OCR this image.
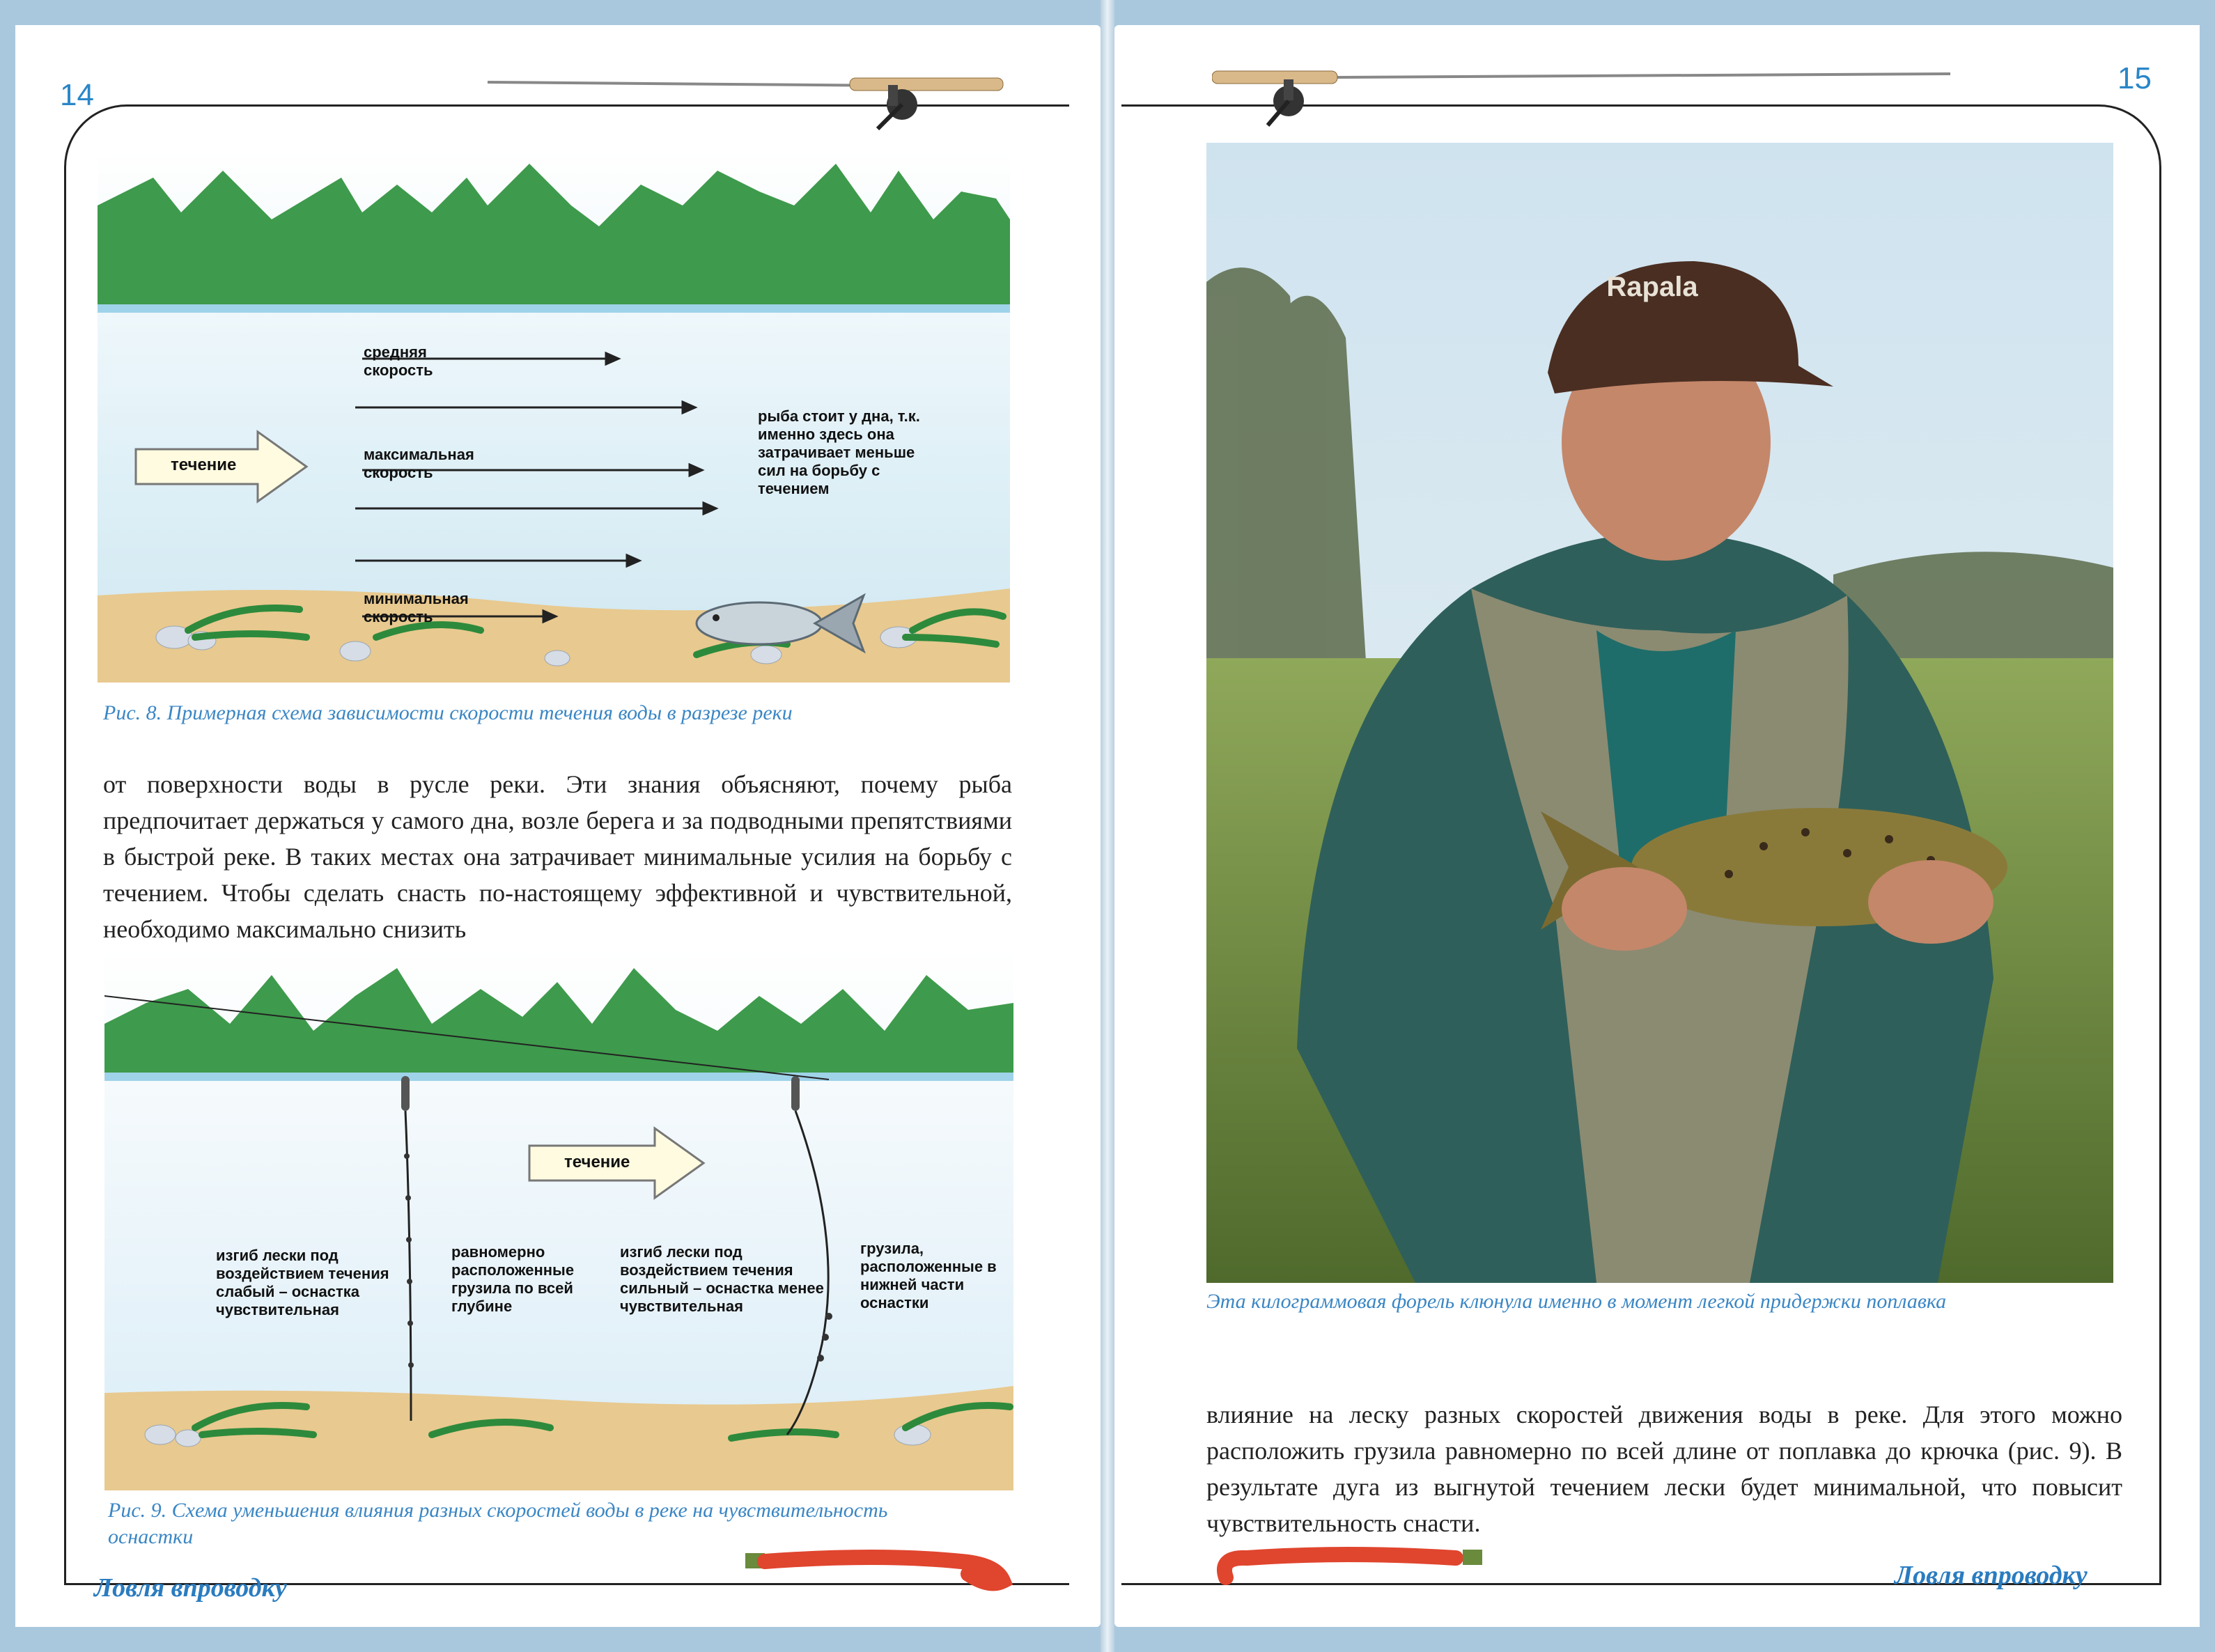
14
течение
средняя скорость
максимальная скорость
минимальная скорость
рыба стоит у дна, т.к. именно здесь она затрачивает меньше сил на борьбу с течением
Рис. 8. Примерная схема зависимости скорости течения воды в разрезе реки

от поверхности воды в русле реки. Эти знания объясняют, почему рыба предпочитает держаться у самого дна, возле берега и за подводными препятствиями в быстрой реке. В таких местах она затрачивает минимальные усилия на борьбу с течением. Чтобы сделать снасть по-настоящему эффективной и чувствительной, необходимо максимально снизить

течение
изгиб лески под воздействием течения слабый – оснастка чувствительная
равномерно расположенные грузила по всей глубине
изгиб лески под воздействием течения сильный – оснастка менее чувствительная
грузила, расположенные в нижней части оснастки
Рис. 9. Схема уменьшения влияния разных скоростей воды в реке на чувствительность оснастки
Ловля впроводку
15
Rapala
Эта килограммовая форель клюнула именно в момент легкой придержки поплавка

влияние на леску разных скоростей движения воды в реке. Для этого можно расположить грузила равномерно по всей длине от поплавка до крючка (рис. 9). В результате дуга из выгнутой течением лески будет минимальной, что повысит чувствительность снасти.

Ловля впроводку
